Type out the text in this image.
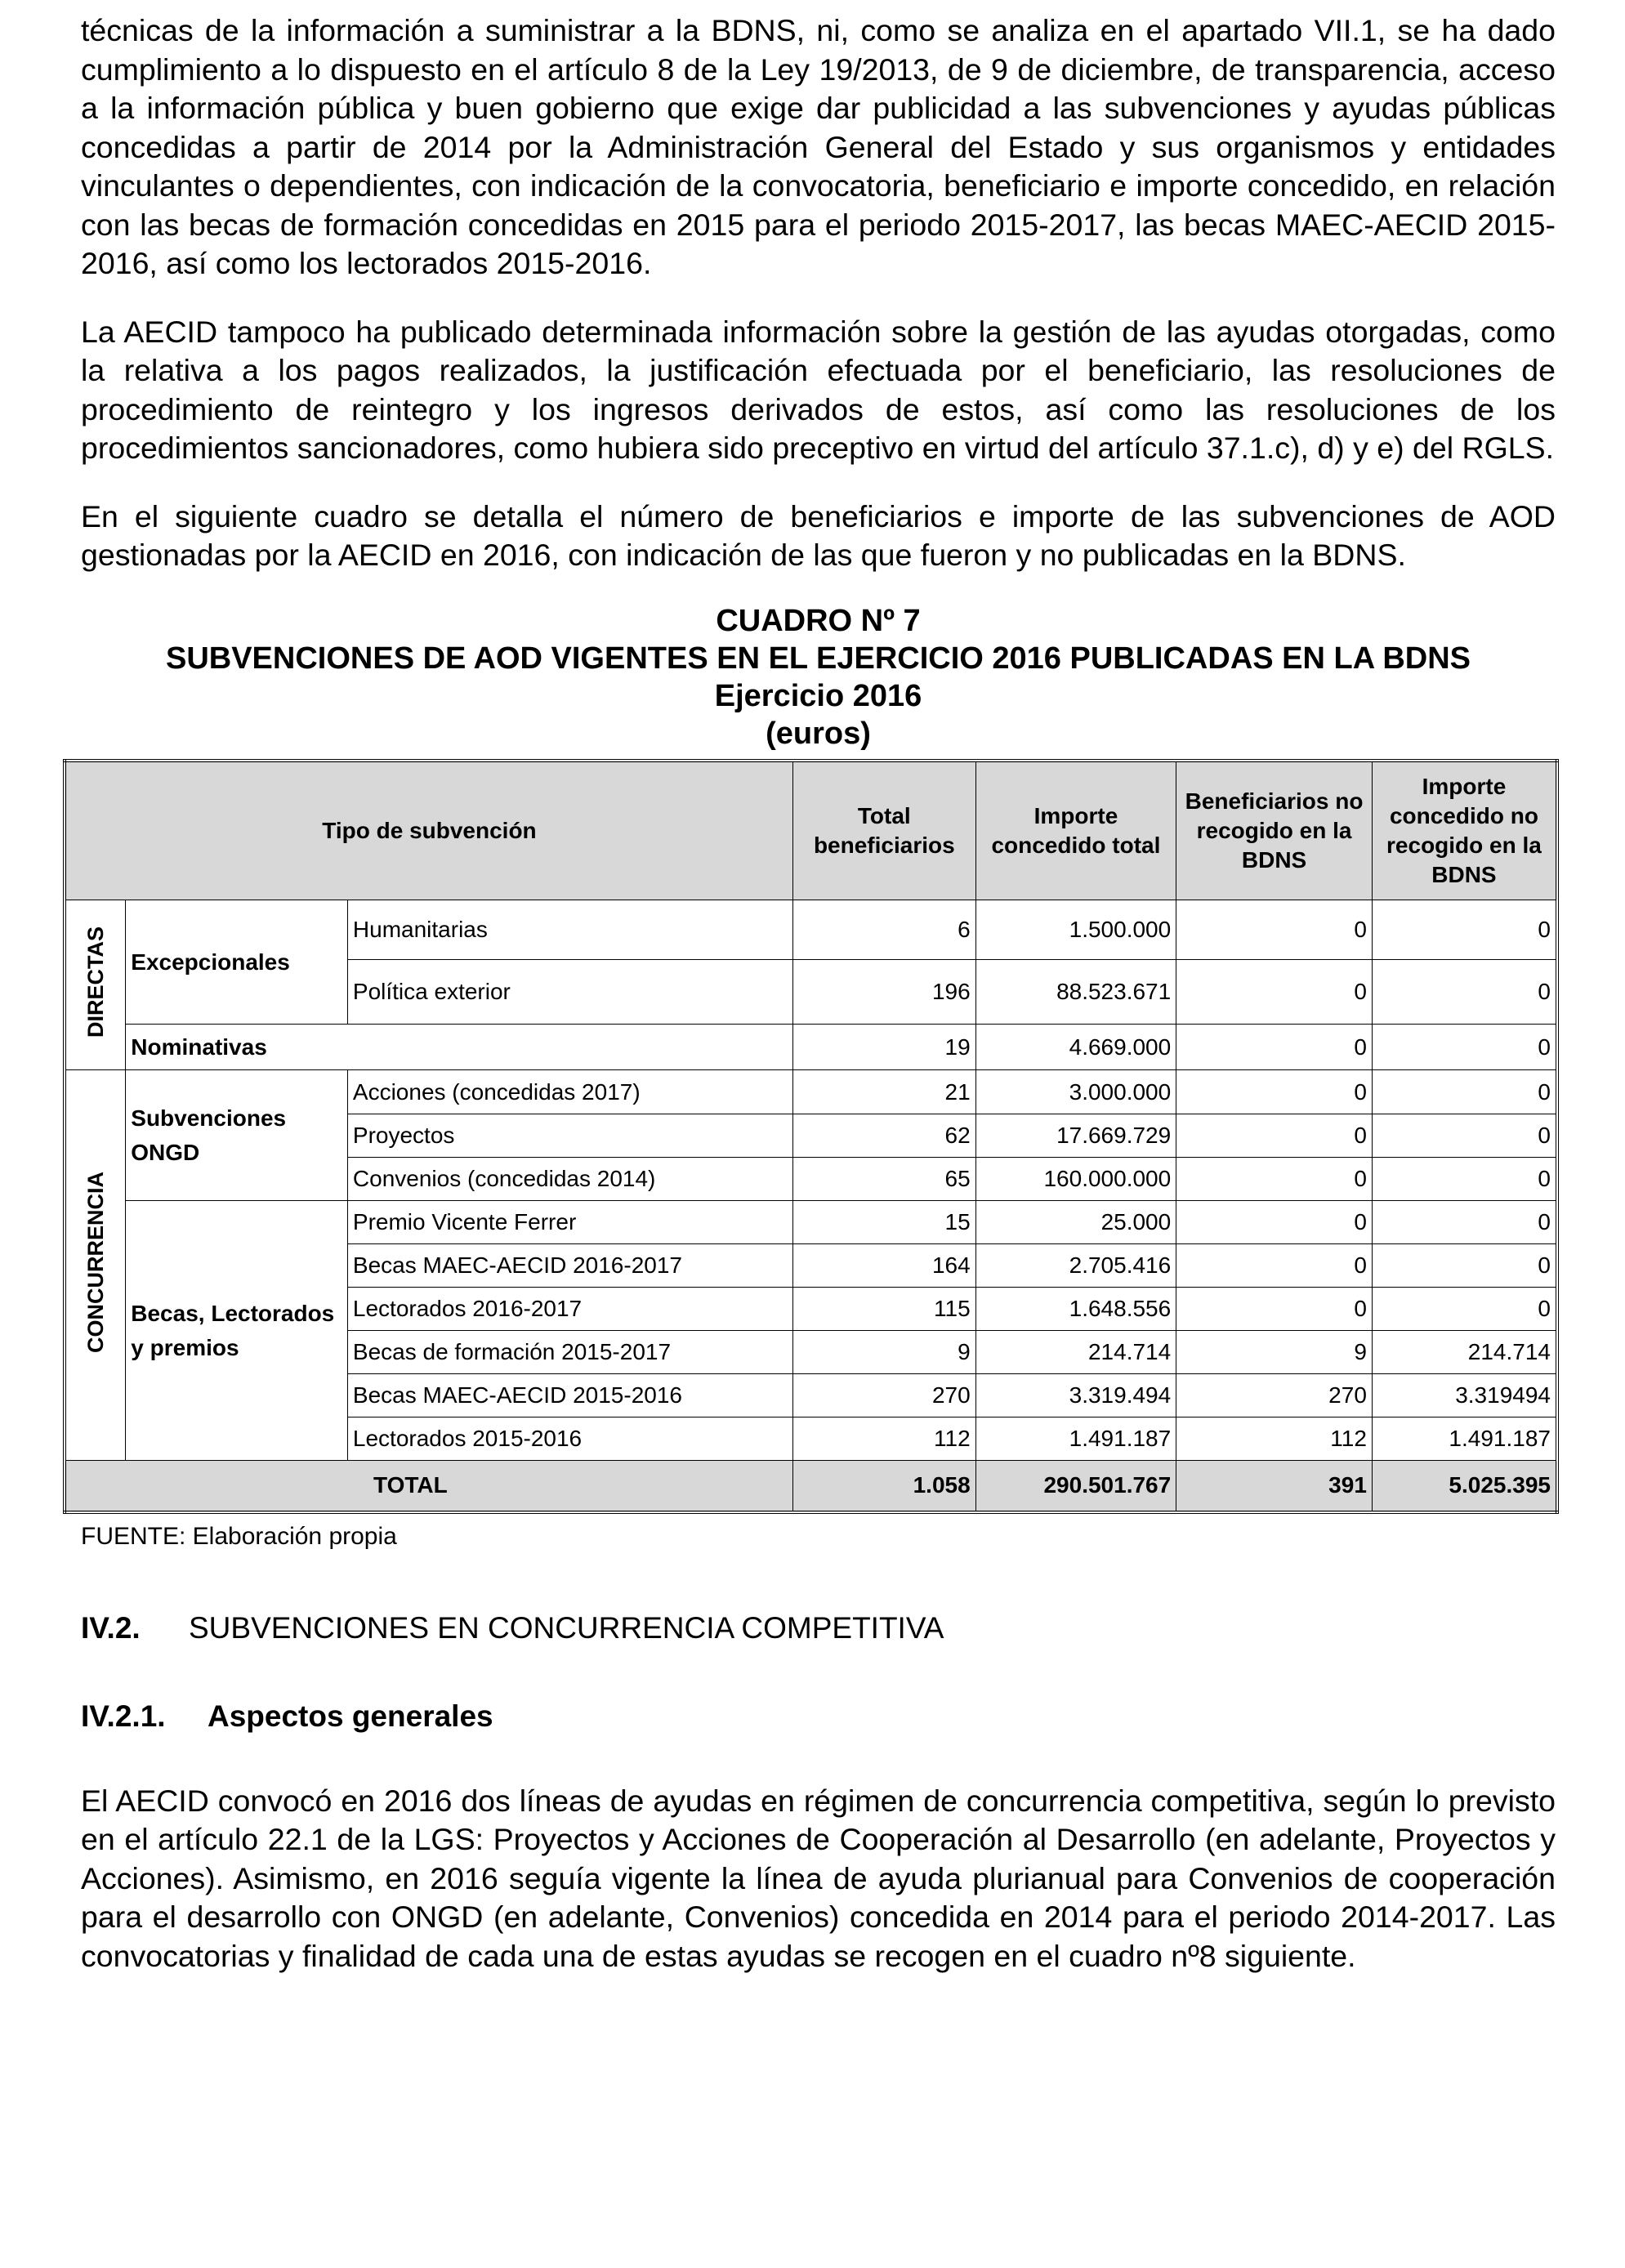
técnicas de la información a suministrar a la BDNS, ni, como se analiza en el apartado VII.1, se ha dado cumplimiento a lo dispuesto en el artículo 8 de la Ley 19/2013, de 9 de diciembre, de transparencia, acceso a la información pública y buen gobierno que exige dar publicidad a las subvenciones y ayudas públicas concedidas a partir de 2014 por la Administración General del Estado y sus organismos y entidades vinculantes o dependientes, con indicación de la convocatoria, beneficiario e importe concedido, en relación con las becas de formación concedidas en 2015 para el periodo 2015-2017, las becas MAEC-AECID 2015-2016, así como los lectorados 2015-2016.

La AECID tampoco ha publicado determinada información sobre la gestión de las ayudas otorgadas, como la relativa a los pagos realizados, la justificación efectuada por el beneficiario, las resoluciones de procedimiento de reintegro y los ingresos derivados de estos, así como las resoluciones de los procedimientos sancionadores, como hubiera sido preceptivo en virtud del artículo 37.1.c), d) y e) del RGLS.

En el siguiente cuadro se detalla el número de beneficiarios e importe de las subvenciones de AOD gestionadas por la AECID en 2016, con indicación de las que fueron y no publicadas en la BDNS.

CUADRO Nº 7
SUBVENCIONES DE AOD VIGENTES EN EL EJERCICIO 2016 PUBLICADAS EN LA BDNS
Ejercicio 2016
(euros)
Tipo de subvención			Total beneficiarios	Importe concedido total	Beneficiarios no recogido en la BDNS	Importe concedido no recogido en la BDNS
DIRECTAS	Excepcionales	Humanitarias	6	1.500.000	0	0
		Política exterior	196	88.523.671	0	0
	Nominativas		19	4.669.000	0	0
CONCURRENCIA	Subvenciones ONGD	Acciones (concedidas 2017)	21	3.000.000	0	0
		Proyectos	62	17.669.729	0	0
		Convenios (concedidas 2014)	65	160.000.000	0	0
	Becas, Lectorados y premios	Premio Vicente Ferrer	15	25.000	0	0
		Becas MAEC-AECID 2016-2017	164	2.705.416	0	0
		Lectorados 2016-2017	115	1.648.556	0	0
		Becas de formación 2015-2017	9	214.714	9	214.714
		Becas MAEC-AECID 2015-2016	270	3.319.494	270	3.319494
		Lectorados 2015-2016	112	1.491.187	112	1.491.187
TOTAL			1.058	290.501.767	391	5.025.395
FUENTE: Elaboración propia
IV.2. SUBVENCIONES EN CONCURRENCIA COMPETITIVA
IV.2.1. Aspectos generales

El AECID convocó en 2016 dos líneas de ayudas en régimen de concurrencia competitiva, según lo previsto en el artículo 22.1 de la LGS: Proyectos y Acciones de Cooperación al Desarrollo (en adelante, Proyectos y Acciones). Asimismo, en 2016 seguía vigente la línea de ayuda plurianual para Convenios de cooperación para el desarrollo con ONGD (en adelante, Convenios) concedida en 2014 para el periodo 2014-2017. Las convocatorias y finalidad de cada una de estas ayudas se recogen en el cuadro nº8 siguiente.
